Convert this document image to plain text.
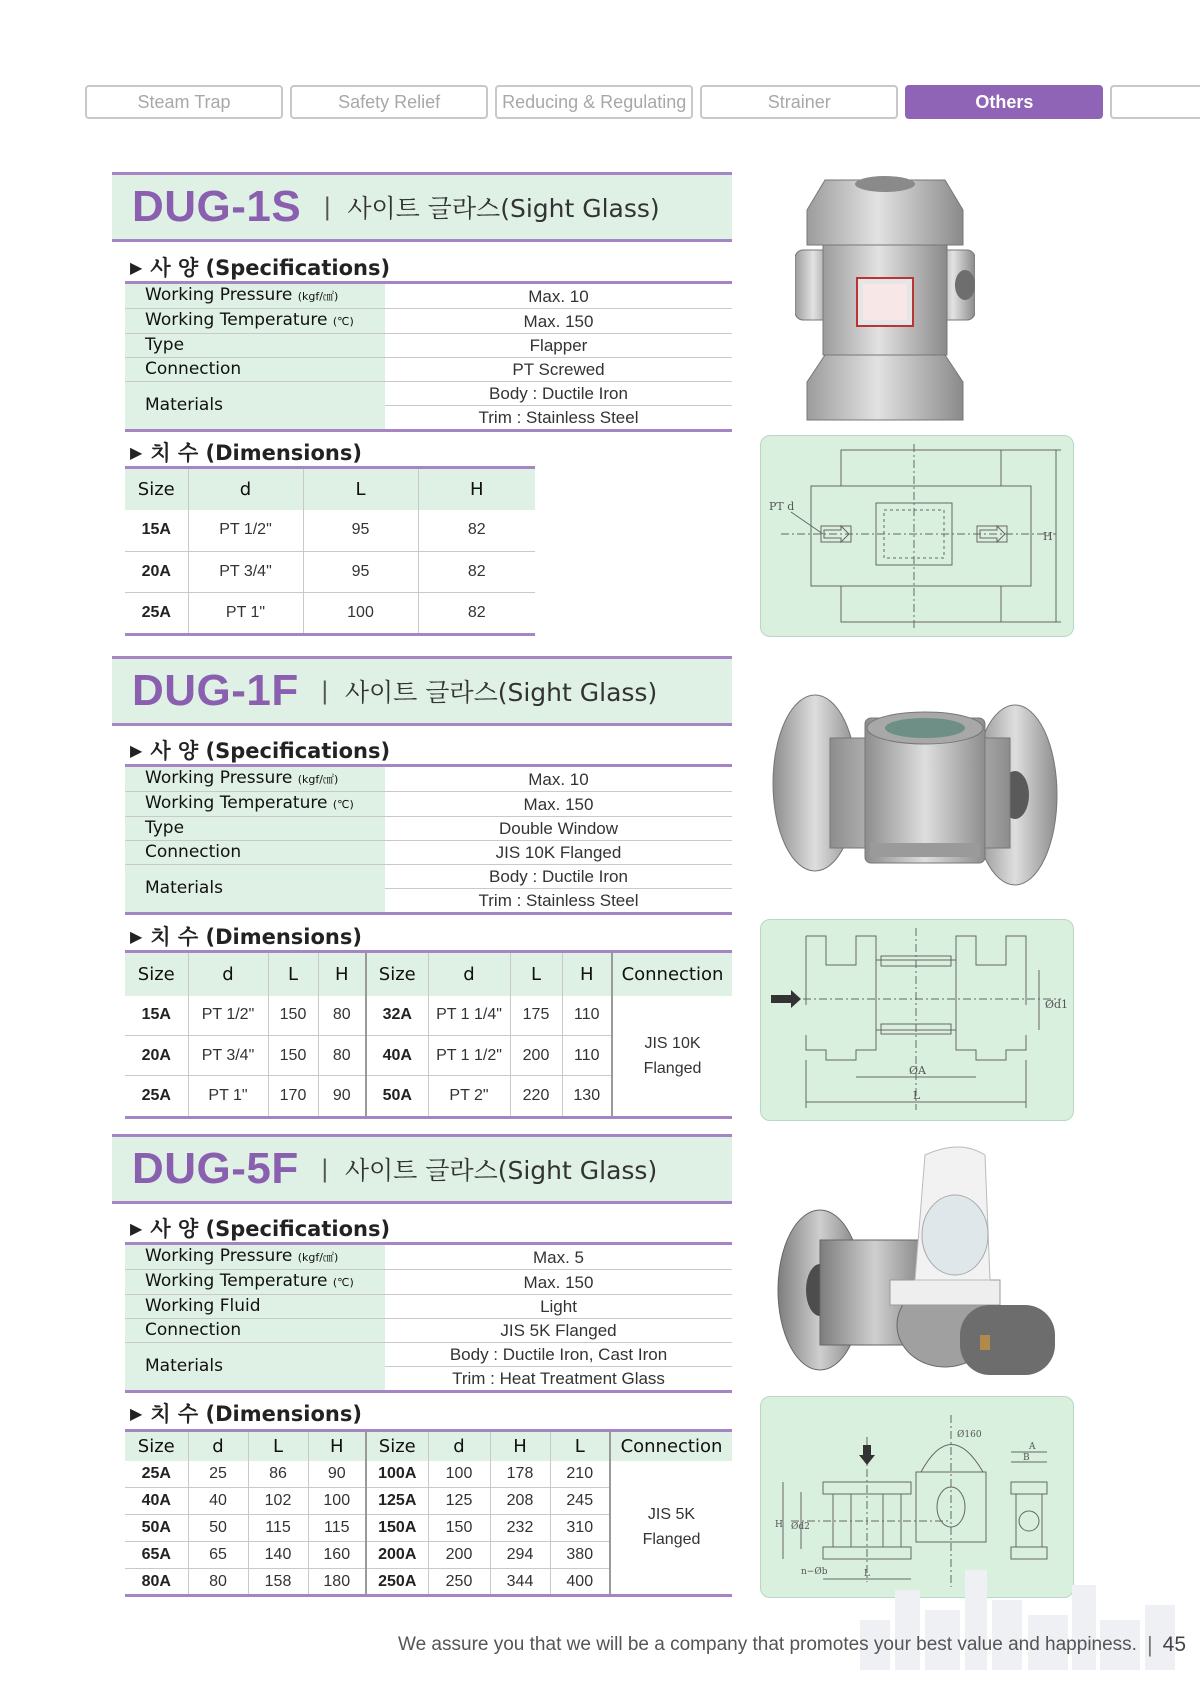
Steam Trap	Safety Relief	Reducing & Regulating	Strainer	Others
DUG-1S | 사이트 글라스(Sight Glass)
▶ 사 양 (Specifications)
Working Pressure (kgf/㎠)	Max. 10
Working Temperature (℃)	Max. 150
Type	Flapper
Connection	PT Screwed
Materials	Body : Ductile Iron
	Trim : Stainless Steel
▶ 치 수 (Dimensions)
Size	d	L	H
15A	PT 1/2"	95	82
20A	PT 3/4"	95	82
25A	PT 1"	100	82
PT d
H
DUG-1F | 사이트 글라스(Sight Glass)
▶ 사 양 (Specifications)
Working Pressure (kgf/㎠)	Max. 10
Working Temperature (℃)	Max. 150
Type	Double Window
Connection	JIS 10K Flanged
Materials	Body : Ductile Iron
	Trim : Stainless Steel
▶ 치 수 (Dimensions)
Size	d	L	H	Size	d	L	H	Connection
15A	PT 1/2"	150	80	32A	PT 1 1/4"	175	110	JIS 10K
Flanged
20A	PT 3/4"	150	80	40A	PT 1 1/2"	200	110	
25A	PT 1"	170	90	50A	PT 2"	220	130	
ØA
L
Ød1
DUG-5F | 사이트 글라스(Sight Glass)
▶ 사 양 (Specifications)
Working Pressure (kgf/㎠)	Max. 5
Working Temperature (℃)	Max. 150
Working Fluid	Light
Connection	JIS 5K Flanged
Materials	Body : Ductile Iron, Cast Iron
	Trim : Heat Treatment Glass
▶ 치 수 (Dimensions)
Size	d	L	H	Size	d	H	L	Connection
25A	25	86	90	100A	100	178	210	JIS 5K
Flanged
40A	40	102	100	125A	125	208	245	
50A	50	115	115	150A	150	232	310	
65A	65	140	160	200A	200	294	380	
80A	80	158	180	250A	250	344	400	
H Ød2
n−Øb	L
A
B
Ø160
We assure you that we will be a company that promotes your best value and happiness. | 45
